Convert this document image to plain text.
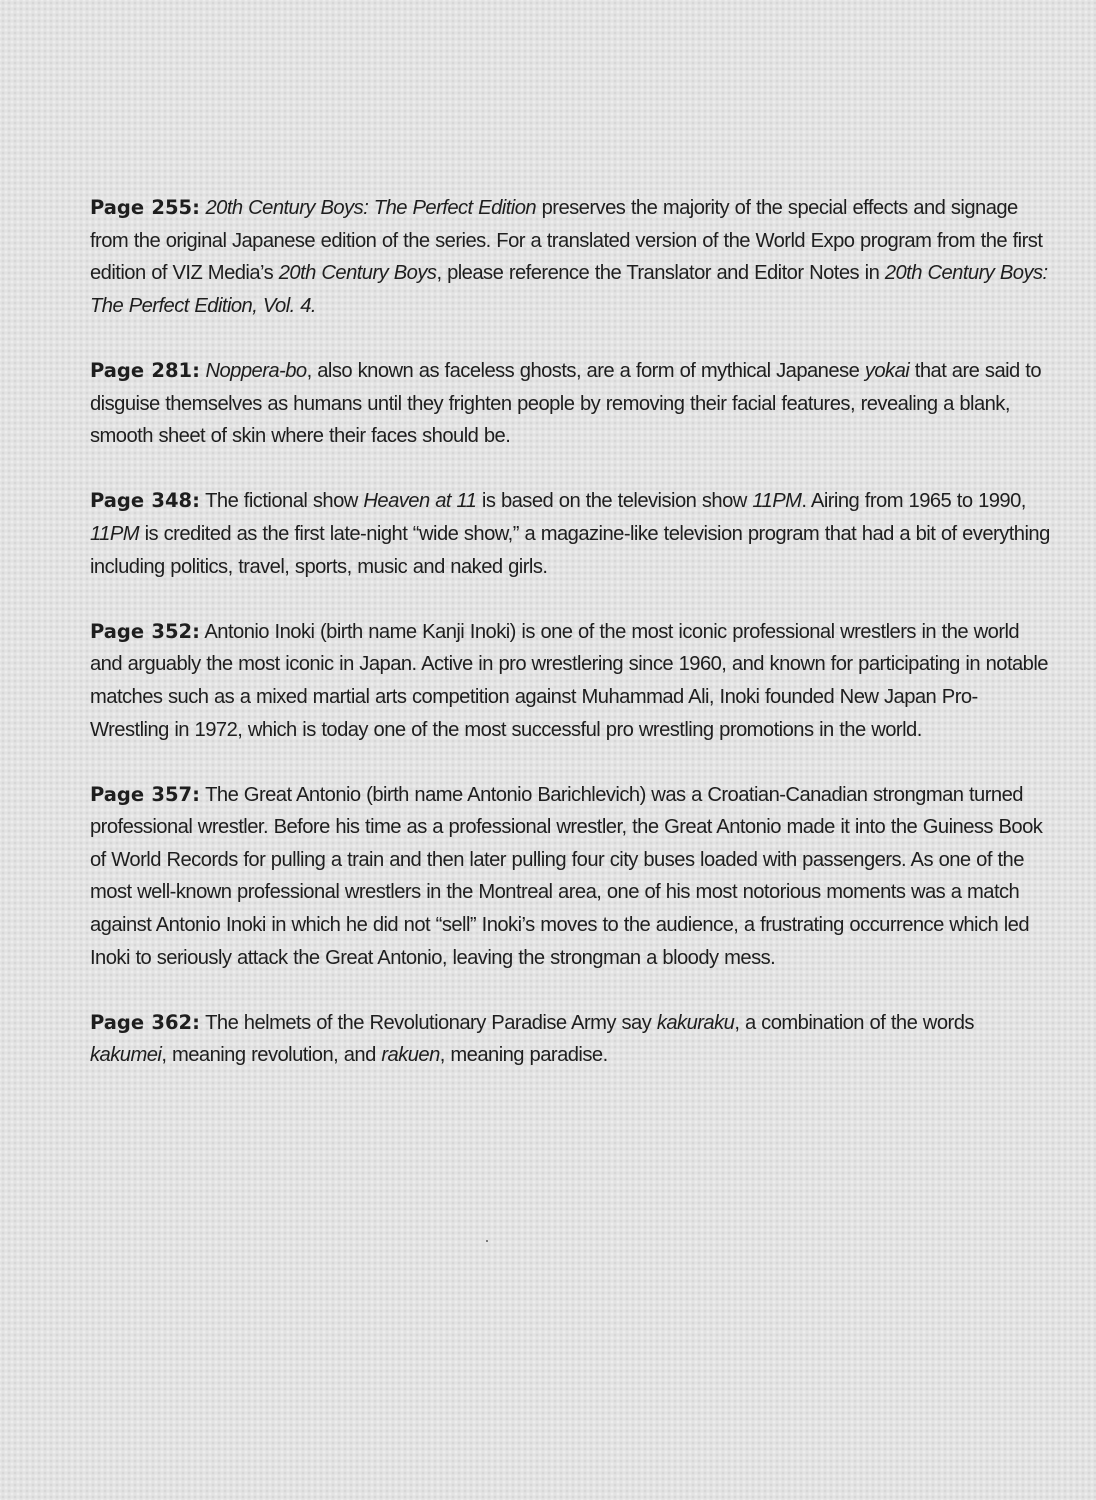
Page 255: 20th Century Boys: The Perfect Edition preserves the majority of the special effects and signage from the original Japanese edition of the series. For a translated version of the World Expo program from the first edition of VIZ Media’s 20th Century Boys, please reference the Translator and Editor Notes in 20th Century Boys: The Perfect Edition, Vol. 4.

Page 281: Noppera-bo, also known as faceless ghosts, are a form of mythical Japanese yokai that are said to disguise themselves as humans until they frighten people by removing their facial features, revealing a blank, smooth sheet of skin where their faces should be.

Page 348: The fictional show Heaven at 11 is based on the television show 11PM. Airing from 1965 to 1990, 11PM is credited as the first late-night “wide show,” a magazine-like television program that had a bit of everything including politics, travel, sports, music and naked girls.

Page 352: Antonio Inoki (birth name Kanji Inoki) is one of the most iconic professional wrestlers in the world and arguably the most iconic in Japan. Active in pro wrestlering since 1960, and known for participating in notable matches such as a mixed martial arts competition against Muhammad Ali, Inoki founded New Japan Pro-Wrestling in 1972, which is today one of the most successful pro wrestling promotions in the world.

Page 357: The Great Antonio (birth name Antonio Barichlevich) was a Croatian-Canadian strongman turned professional wrestler. Before his time as a professional wrestler, the Great Antonio made it into the Guiness Book of World Records for pulling a train and then later pulling four city buses loaded with passengers. As one of the most well-known professional wrestlers in the Montreal area, one of his most notorious moments was a match against Antonio Inoki in which he did not “sell” Inoki’s moves to the audience, a frustrating occurrence which led Inoki to seriously attack the Great Antonio, leaving the strongman a bloody mess.

Page 362: The helmets of the Revolutionary Paradise Army say kakuraku, a combination of the words kakumei, meaning revolution, and rakuen, meaning paradise.
